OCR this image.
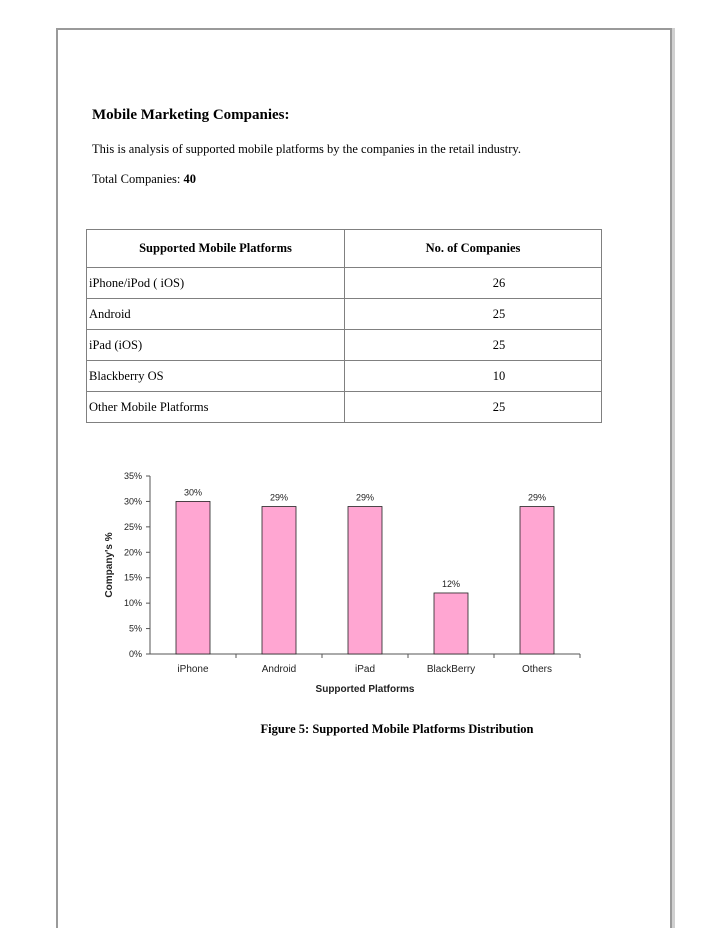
Mobile Marketing Companies:

This is analysis of supported mobile platforms by the companies in the retail industry.

Total Companies: 40

Supported Mobile Platforms	No. of Companies
iPhone/iPod ( iOS)	26
Android	25
iPad (iOS)	25
Blackberry OS	10
Other Mobile Platforms	25
0%
5%
10%
15%
20%
25%
30%
35%
30%
iPhone
29%
Android
29%
iPad
12%
BlackBerry
29%
Others
Supported Platforms
Company's %

Figure 5: Supported Mobile Platforms Distribution
